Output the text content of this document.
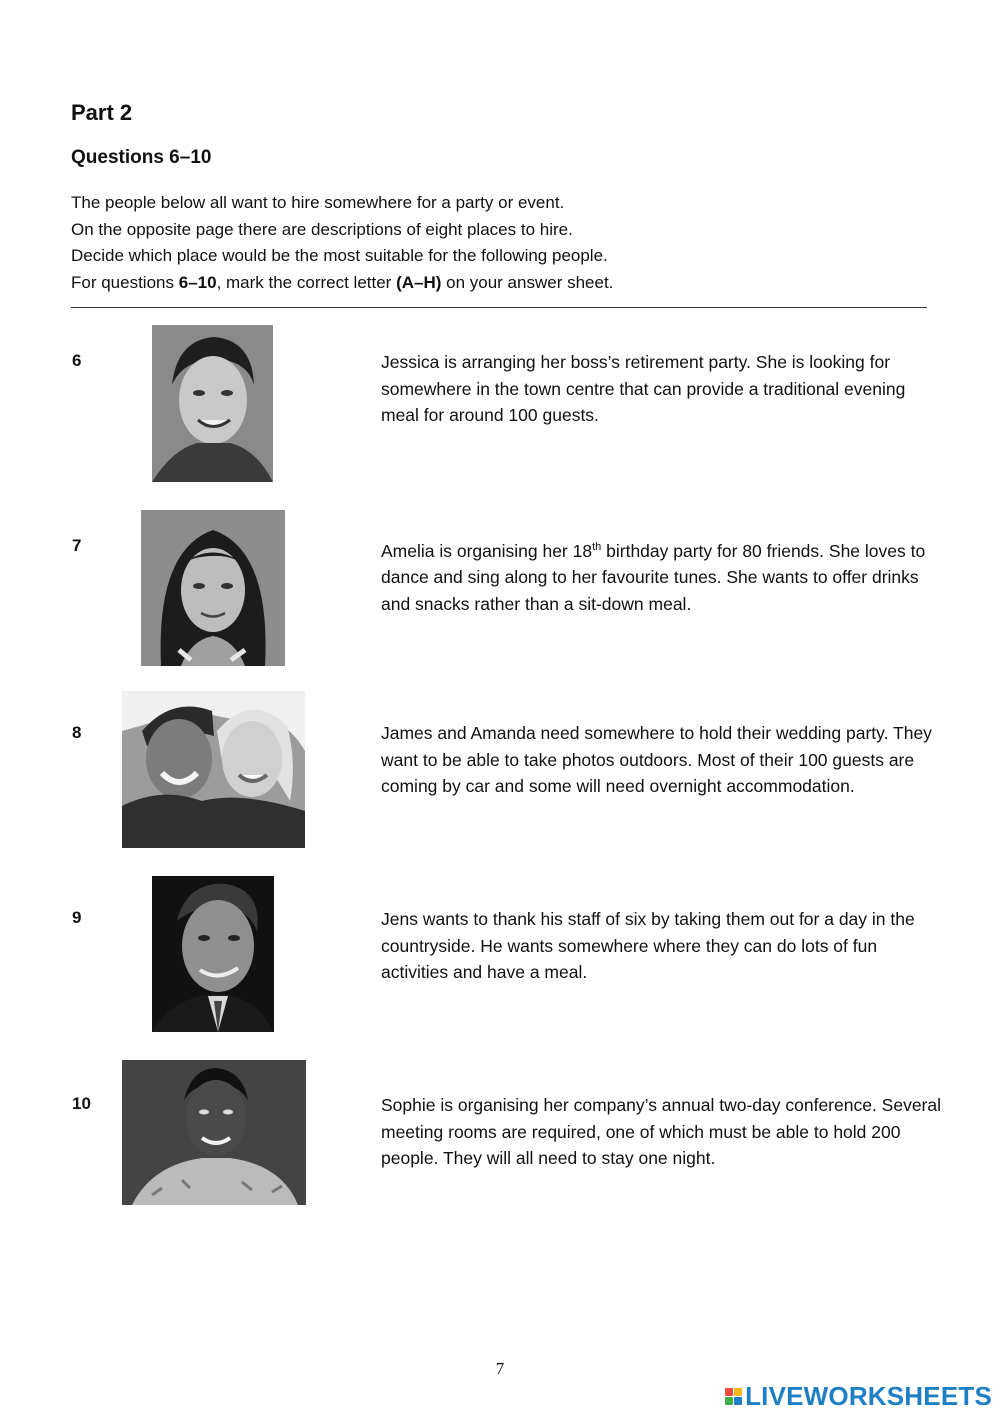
Part 2
Questions 6–10
The people below all want to hire somewhere for a party or event.
On the opposite page there are descriptions of eight places to hire.
Decide which place would be the most suitable for the following people.
For questions 6–10, mark the correct letter (A–H) on your answer sheet.
6	Jessica is arranging her boss’s retirement party. She is looking for somewhere in the town centre that can provide a traditional evening meal for around 100 guests.
7	Amelia is organising her 18th birthday party for 80 friends. She loves to dance and sing along to her favourite tunes. She wants to offer drinks and snacks rather than a sit-down meal.
8	James and Amanda need somewhere to hold their wedding party. They want to be able to take photos outdoors. Most of their 100 guests are coming by car and some will need overnight accommodation.
9	Jens wants to thank his staff of six by taking them out for a day in the countryside. He wants somewhere where they can do lots of fun activities and have a meal.
10	Sophie is organising her company’s annual two-day conference. Several meeting rooms are required, one of which must be able to hold 200 people. They will all need to stay one night.
7
LIVEWORKSHEETS
